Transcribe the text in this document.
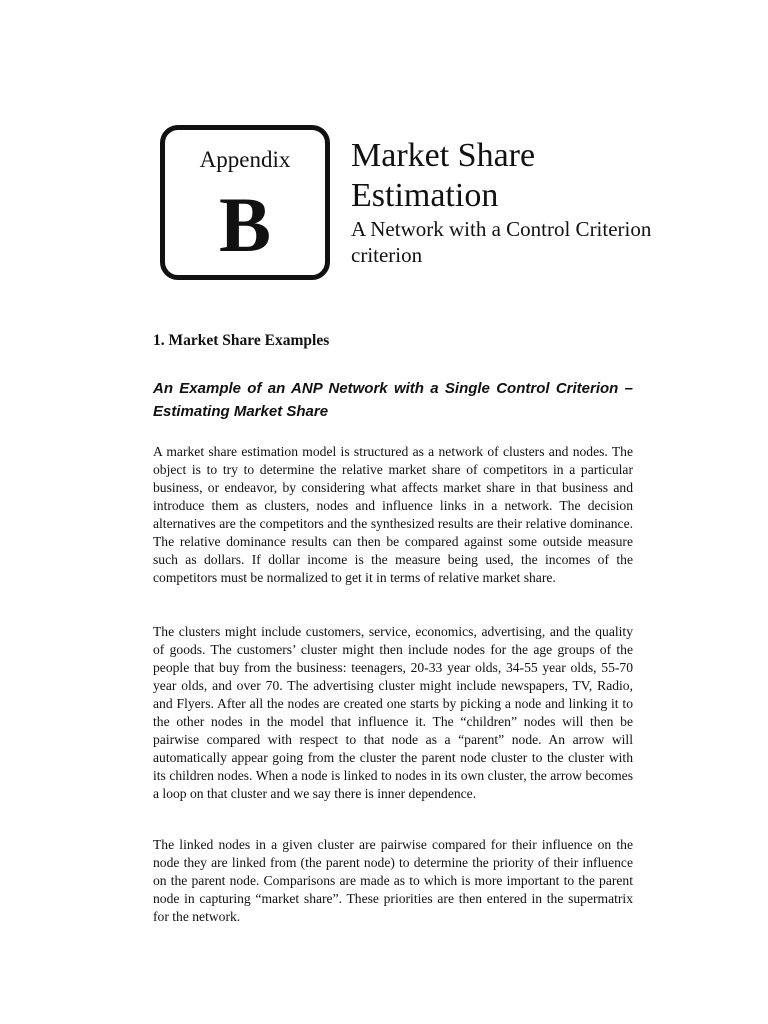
Appendix
B
Market Share Estimation
A Network with a Control Criterion criterion
1. Market Share Examples
An Example of an ANP Network with a Single Control Criterion – Estimating Market Share

A market share estimation model is structured as a network of clusters and nodes. The object is to try to determine the relative market share of competitors in a particular business, or endeavor, by considering what affects market share in that business and introduce them as clusters, nodes and influence links in a network. The decision alternatives are the competitors and the synthesized results are their relative dominance. The relative dominance results can then be compared against some outside measure such as dollars. If dollar income is the measure being used, the incomes of the competitors must be normalized to get it in terms of relative market share.

The clusters might include customers, service, economics, advertising, and the quality of goods. The customers’ cluster might then include nodes for the age groups of the people that buy from the business: teenagers, 20-33 year olds, 34-55 year olds, 55-70 year olds, and over 70. The advertising cluster might include newspapers, TV, Radio, and Flyers. After all the nodes are created one starts by picking a node and linking it to the other nodes in the model that influence it. The “children” nodes will then be pairwise compared with respect to that node as a “parent” node. An arrow will automatically appear going from the cluster the parent node cluster to the cluster with its children nodes. When a node is linked to nodes in its own cluster, the arrow becomes a loop on that cluster and we say there is inner dependence.

The linked nodes in a given cluster are pairwise compared for their influence on the node they are linked from (the parent node) to determine the priority of their influence on the parent node. Comparisons are made as to which is more important to the parent node in capturing “market share”. These priorities are then entered in the supermatrix for the network.
